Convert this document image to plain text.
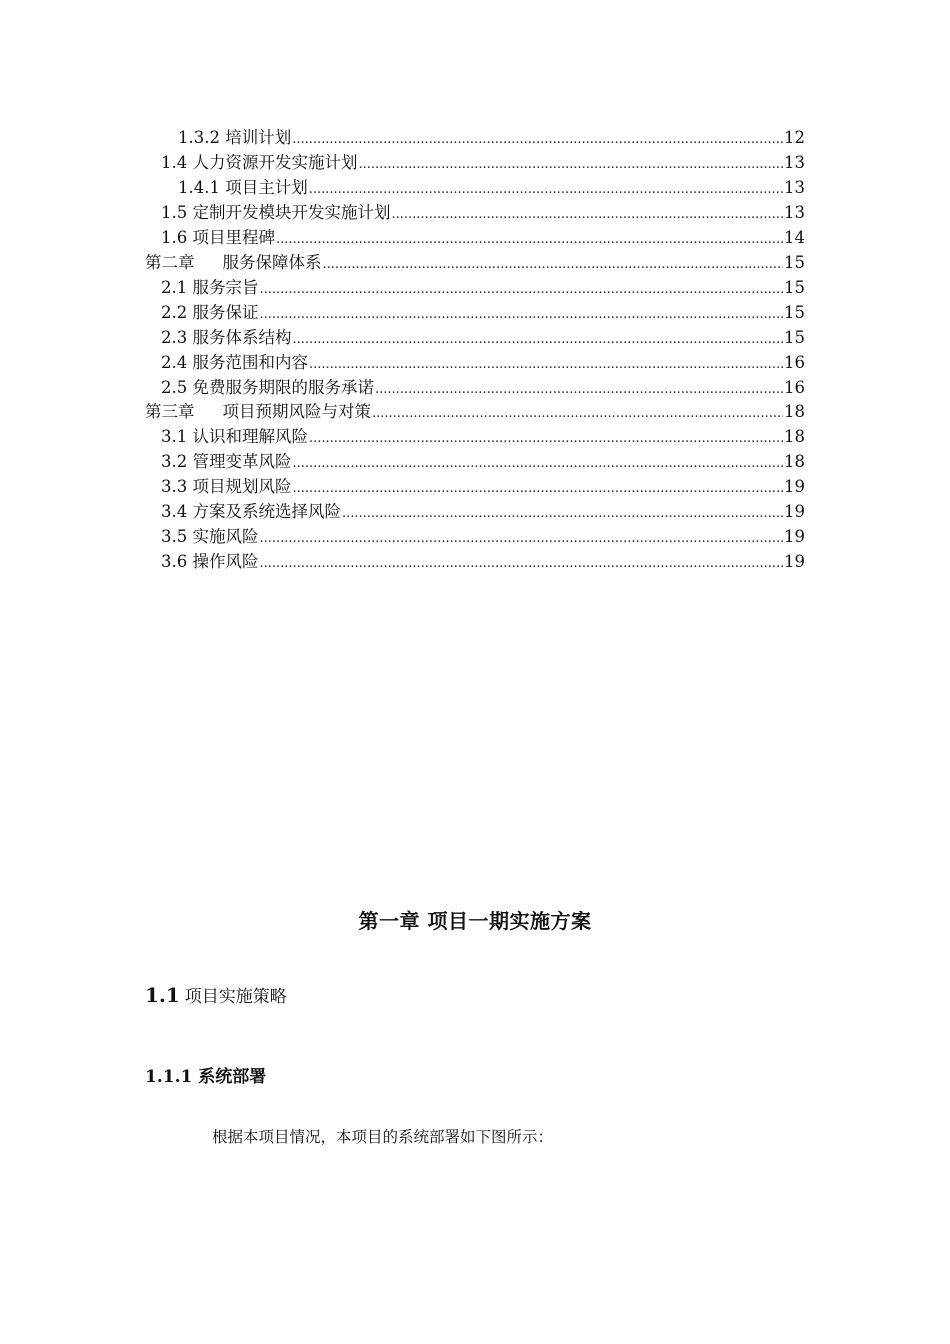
1.3.2 培训计划 .....	12
1.4 人力资源开发实施计划 .....	13
1.4.1 项目主计划 .....	13
1.5 定制开发模块开发实施计划 .....	13
1.6 项目里程碑 .....	14
第二章 服务保障体系 .....	15
2.1 服务宗旨 .....	15
2.2 服务保证 .....	15
2.3 服务体系结构 .....	15
2.4 服务范围和内容 .....	16
2.5 免费服务期限的服务承诺 .....	16
第三章 项目预期风险与对策 .....	18
3.1 认识和理解风险 .....	18
3.2 管理变革风险 .....	18
3.3 项目规划风险 .....	19
3.4 方案及系统选择风险 .....	19
3.5 实施风险 .....	19
3.6 操作风险 .....	19
第一章 项目一期实施方案
1.1 项目实施策略
1.1.1 系统部署
根据本项目情况，本项目的系统部署如下图所示：
